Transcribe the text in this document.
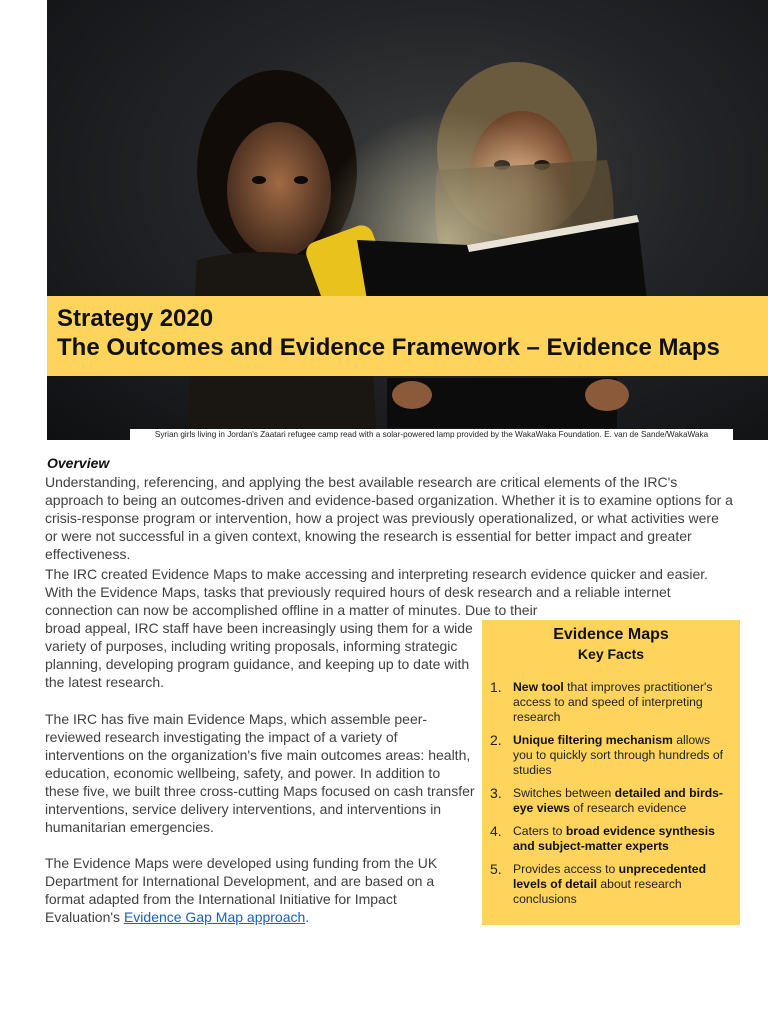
Strategy 2020
The Outcomes and Evidence Framework – Evidence Maps
Syrian girls living in Jordan's Zaatari refugee camp read with a solar-powered lamp provided by the WakaWaka Foundation. E. van de Sande/WakaWaka
Overview

Understanding, referencing, and applying the best available research are critical elements of the IRC's approach to being an outcomes-driven and evidence-based organization. Whether it is to examine options for a crisis-response program or intervention, how a project was previously operationalized, or what activities were or were not successful in a given context, knowing the research is essential for better impact and greater effectiveness.

The IRC created Evidence Maps to make accessing and interpreting research evidence quicker and easier. With the Evidence Maps, tasks that previously required hours of desk research and a reliable internet connection can now be accomplished offline in a matter of minutes. Due to their

broad appeal, IRC staff have been increasingly using them for a wide variety of purposes, including writing proposals, informing strategic planning, developing program guidance, and keeping up to date with the latest research.

The IRC has five main Evidence Maps, which assemble peer-reviewed research investigating the impact of a variety of interventions on the organization's five main outcomes areas: health, education, economic wellbeing, safety, and power. In addition to these five, we built three cross-cutting Maps focused on cash transfer interventions, service delivery interventions, and interventions in humanitarian emergencies.

The Evidence Maps were developed using funding from the UK Department for International Development, and are based on a format adapted from the International Initiative for Impact Evaluation's Evidence Gap Map approach.

Evidence Maps
Key Facts
1. New tool that improves practitioner's access to and speed of interpreting research
2. Unique filtering mechanism allows you to quickly sort through hundreds of studies
3. Switches between detailed and birds-eye views of research evidence
4. Caters to broad evidence synthesis and subject-matter experts
5. Provides access to unprecedented levels of detail about research conclusions
